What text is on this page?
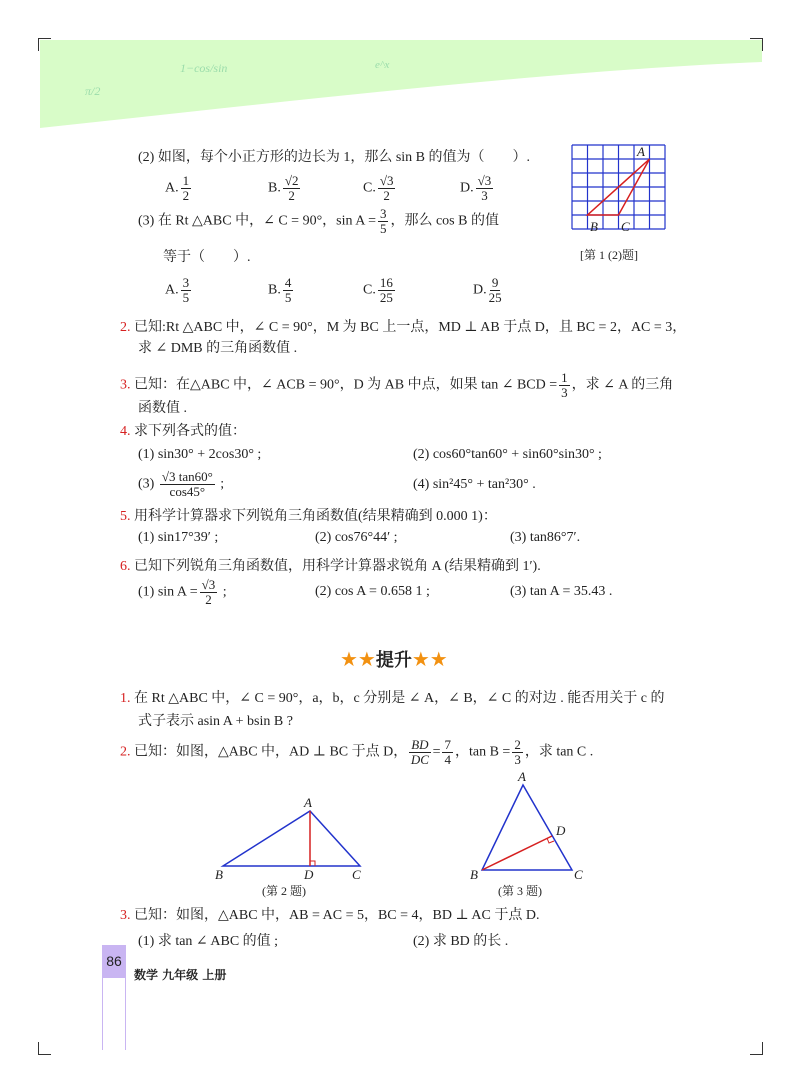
π/2
1−cos/sin	e^x
(2) 如图，每个小正方形的边长为 1，那么 sin B 的值为（　　）.
A. $\frac{1}{2}$	B. $\frac{√2}{2}$	C. $\frac{√3}{2}$	D. $\frac{√3}{3}$
(3) 在 Rt △ABC 中，∠ C = 90°，$\sin A = \frac{3}{5}$ ，那么 cos B 的值
等于（　　）.
A. $\frac{3}{5}$	B. $\frac{4}{5}$	C. $\frac{16}{25}$	D. $\frac{9}{25}$
A
B C
[第 1 (2)题]
2. 已知:Rt △ABC 中，∠ C = 90°，M 为 BC 上一点，MD ⊥ AB 于点 D，且 BC = 2，AC = 3，
求 ∠ DMB 的三角函数值 .
3. 已知：在△ABC 中，∠ ACB = 90°，D 为 AB 中点，如果 tan ∠ BCD = $\frac{1}{3}$ ，求 ∠ A 的三角
函数值 .
4. 求下列各式的值：
(1) sin30° + 2cos30° ;	(2) cos60°tan60° + sin60°sin30° ;
$(3) \frac{√3 \tan 60^\circ}{\cos 45^\circ}$ ;	(4) sin²45° + tan²30° .
5. 用科学计算器求下列锐角三角函数值(结果精确到 0.000 1)：
(1) sin17°39′ ;	(2) cos76°44′ ;	(3) tan86°7′.
6. 已知下列锐角三角函数值，用科学计算器求锐角 A (结果精确到 1′).
(1) $\sin A = \frac{√3}{2}$ ;	(2) cos A = 0.658 1 ;	(3) tan A = 35.43 .
★★提升★★
1. 在 Rt △ABC 中，∠ C = 90°，a，b，c 分别是 ∠ A，∠ B，∠ C 的对边 . 能否用关于 c 的
式子表示 asin A + bsin B ?
2. 已知：如图，△ABC 中，AD ⊥ BC 于点 D， $\frac{BD}{DC} = \frac{7}{4}$ ，$\tan B = \frac{2}{3}$ ，求 tan C .
A
B	D	C
(第 2 题)
A
B	C
D
(第 3 题)
3. 已知：如图，△ABC 中，AB = AC = 5，BC = 4，BD ⊥ AC 于点 D.
(1) 求 tan ∠ ABC 的值 ;	(2) 求 BD 的长 .
86
数学 九年级 上册
